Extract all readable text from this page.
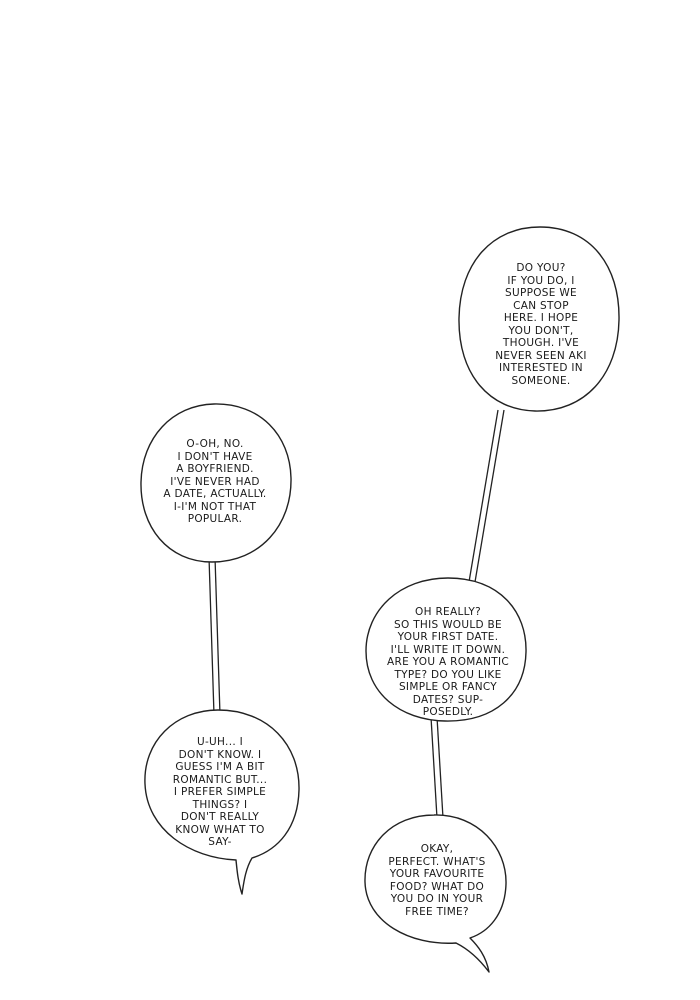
DO YOU?
IF YOU DO, I
SUPPOSE WE
CAN STOP
HERE. I HOPE
YOU DON'T,
THOUGH. I'VE
NEVER SEEN AKI
INTERESTED IN
SOMEONE.

O-OH, NO.
I DON'T HAVE
A BOYFRIEND.
I'VE NEVER HAD
A DATE, ACTUALLY.
I-I'M NOT THAT
POPULAR.

OH REALLY?
SO THIS WOULD BE
YOUR FIRST DATE.
I'LL WRITE IT DOWN.
ARE YOU A ROMANTIC
TYPE? DO YOU LIKE
SIMPLE OR FANCY
DATES? SUP-
POSEDLY.

U-UH... I
DON'T KNOW. I
GUESS I'M A BIT
ROMANTIC BUT...
I PREFER SIMPLE
THINGS? I
DON'T REALLY
KNOW WHAT TO
SAY-

OKAY,
PERFECT. WHAT'S
YOUR FAVOURITE
FOOD? WHAT DO
YOU DO IN YOUR
FREE TIME?
